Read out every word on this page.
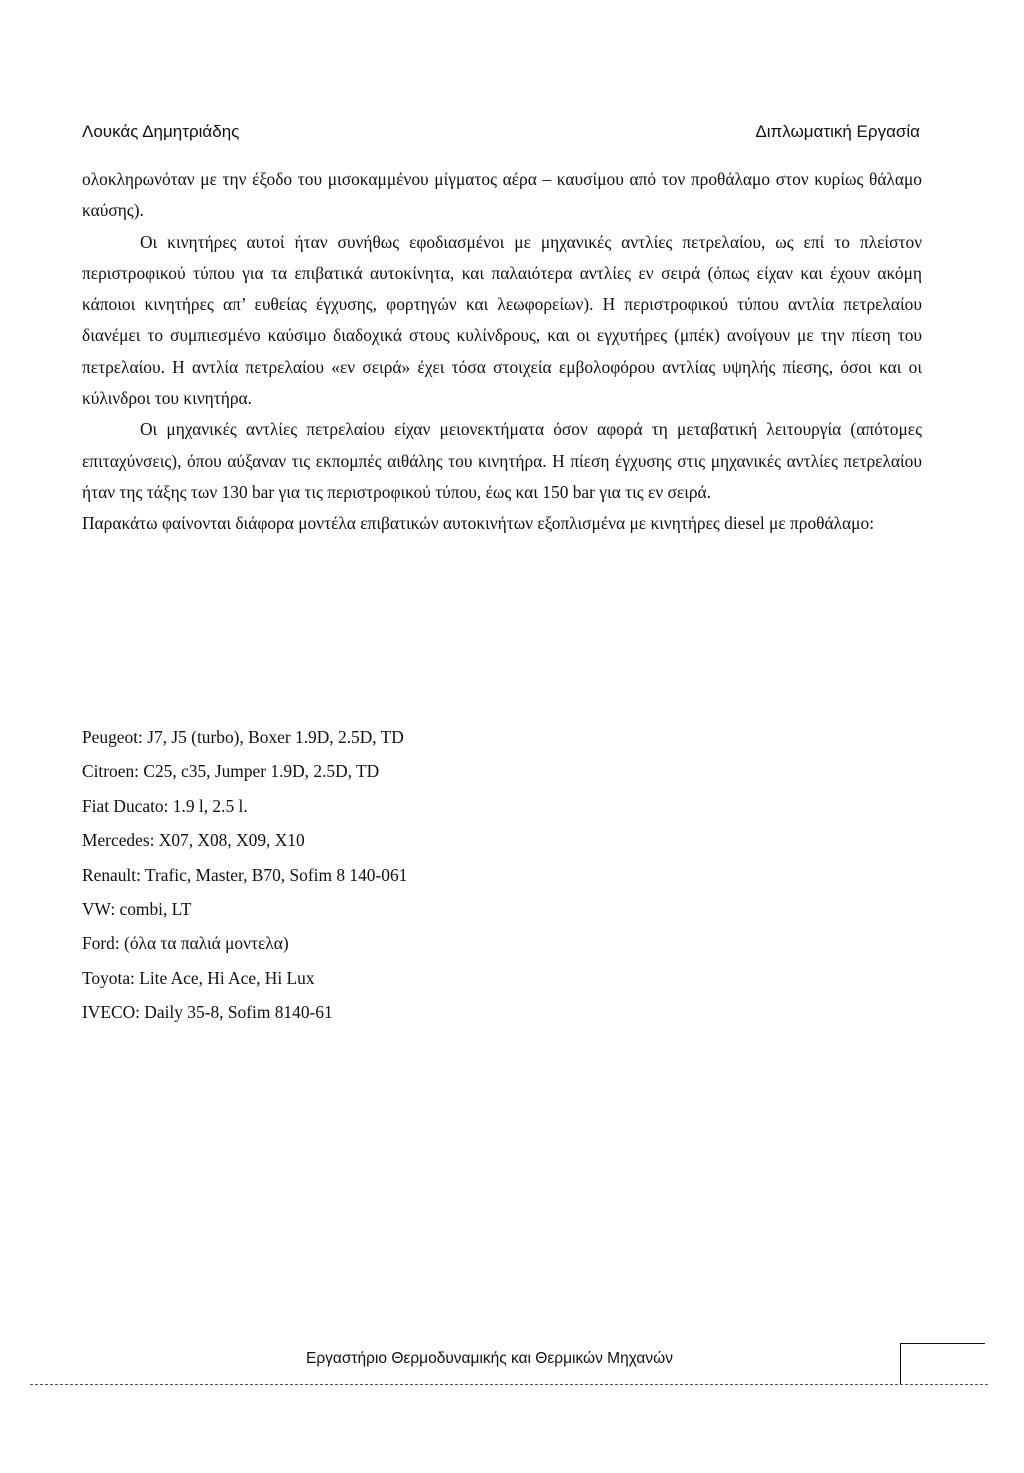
Λουκάς Δημητριάδης	Διπλωματική Εργασία

ολοκληρωνόταν με την έξοδο του μισοκαμμένου μίγματος αέρα – καυσίμου από τον προθάλαμο στον κυρίως θάλαμο καύσης).

Οι κινητήρες αυτοί ήταν συνήθως εφοδιασμένοι με μηχανικές αντλίες πετρελαίου, ως επί το πλείστον περιστροφικού τύπου για τα επιβατικά αυτοκίνητα, και παλαιότερα αντλίες εν σειρά (όπως είχαν και έχουν ακόμη κάποιοι κινητήρες απ’ ευθείας έγχυσης, φορτηγών και λεωφορείων). Η περιστροφικού τύπου αντλία πετρελαίου διανέμει το συμπιεσμένο καύσιμο διαδοχικά στους κυλίνδρους, και οι εγχυτήρες (μπέκ) ανοίγουν με την πίεση του πετρελαίου. Η αντλία πετρελαίου «εν σειρά» έχει τόσα στοιχεία εμβολοφόρου αντλίας υψηλής πίεσης, όσοι και οι κύλινδροι του κινητήρα.

Οι μηχανικές αντλίες πετρελαίου είχαν μειονεκτήματα όσον αφορά τη μεταβατική λειτουργία (απότομες επιταχύνσεις), όπου αύξαναν τις εκπομπές αιθάλης του κινητήρα. Η πίεση έγχυσης στις μηχανικές αντλίες πετρελαίου ήταν της τάξης των 130 bar για τις περιστροφικού τύπου, έως και 150 bar για τις εν σειρά.

Παρακάτω φαίνονται διάφορα μοντέλα επιβατικών αυτοκινήτων εξοπλισμένα με κινητήρες diesel με προθάλαμο:

Peugeot: J7, J5 (turbo), Boxer 1.9D, 2.5D, TD
Citroen: C25, c35, Jumper 1.9D, 2.5D, TD
Fiat Ducato: 1.9 l, 2.5 l.
Mercedes: X07, X08, X09, X10
Renault: Trafic, Master, B70, Sofim 8 140-061
VW: combi, LT
Ford: (όλα τα παλιά μοντελα)
Toyota: Lite Ace, Hi Ace, Hi Lux
IVECO: Daily 35-8, Sofim 8140-61
Εργαστήριο Θερμοδυναμικής και Θερμικών Μηχανών
